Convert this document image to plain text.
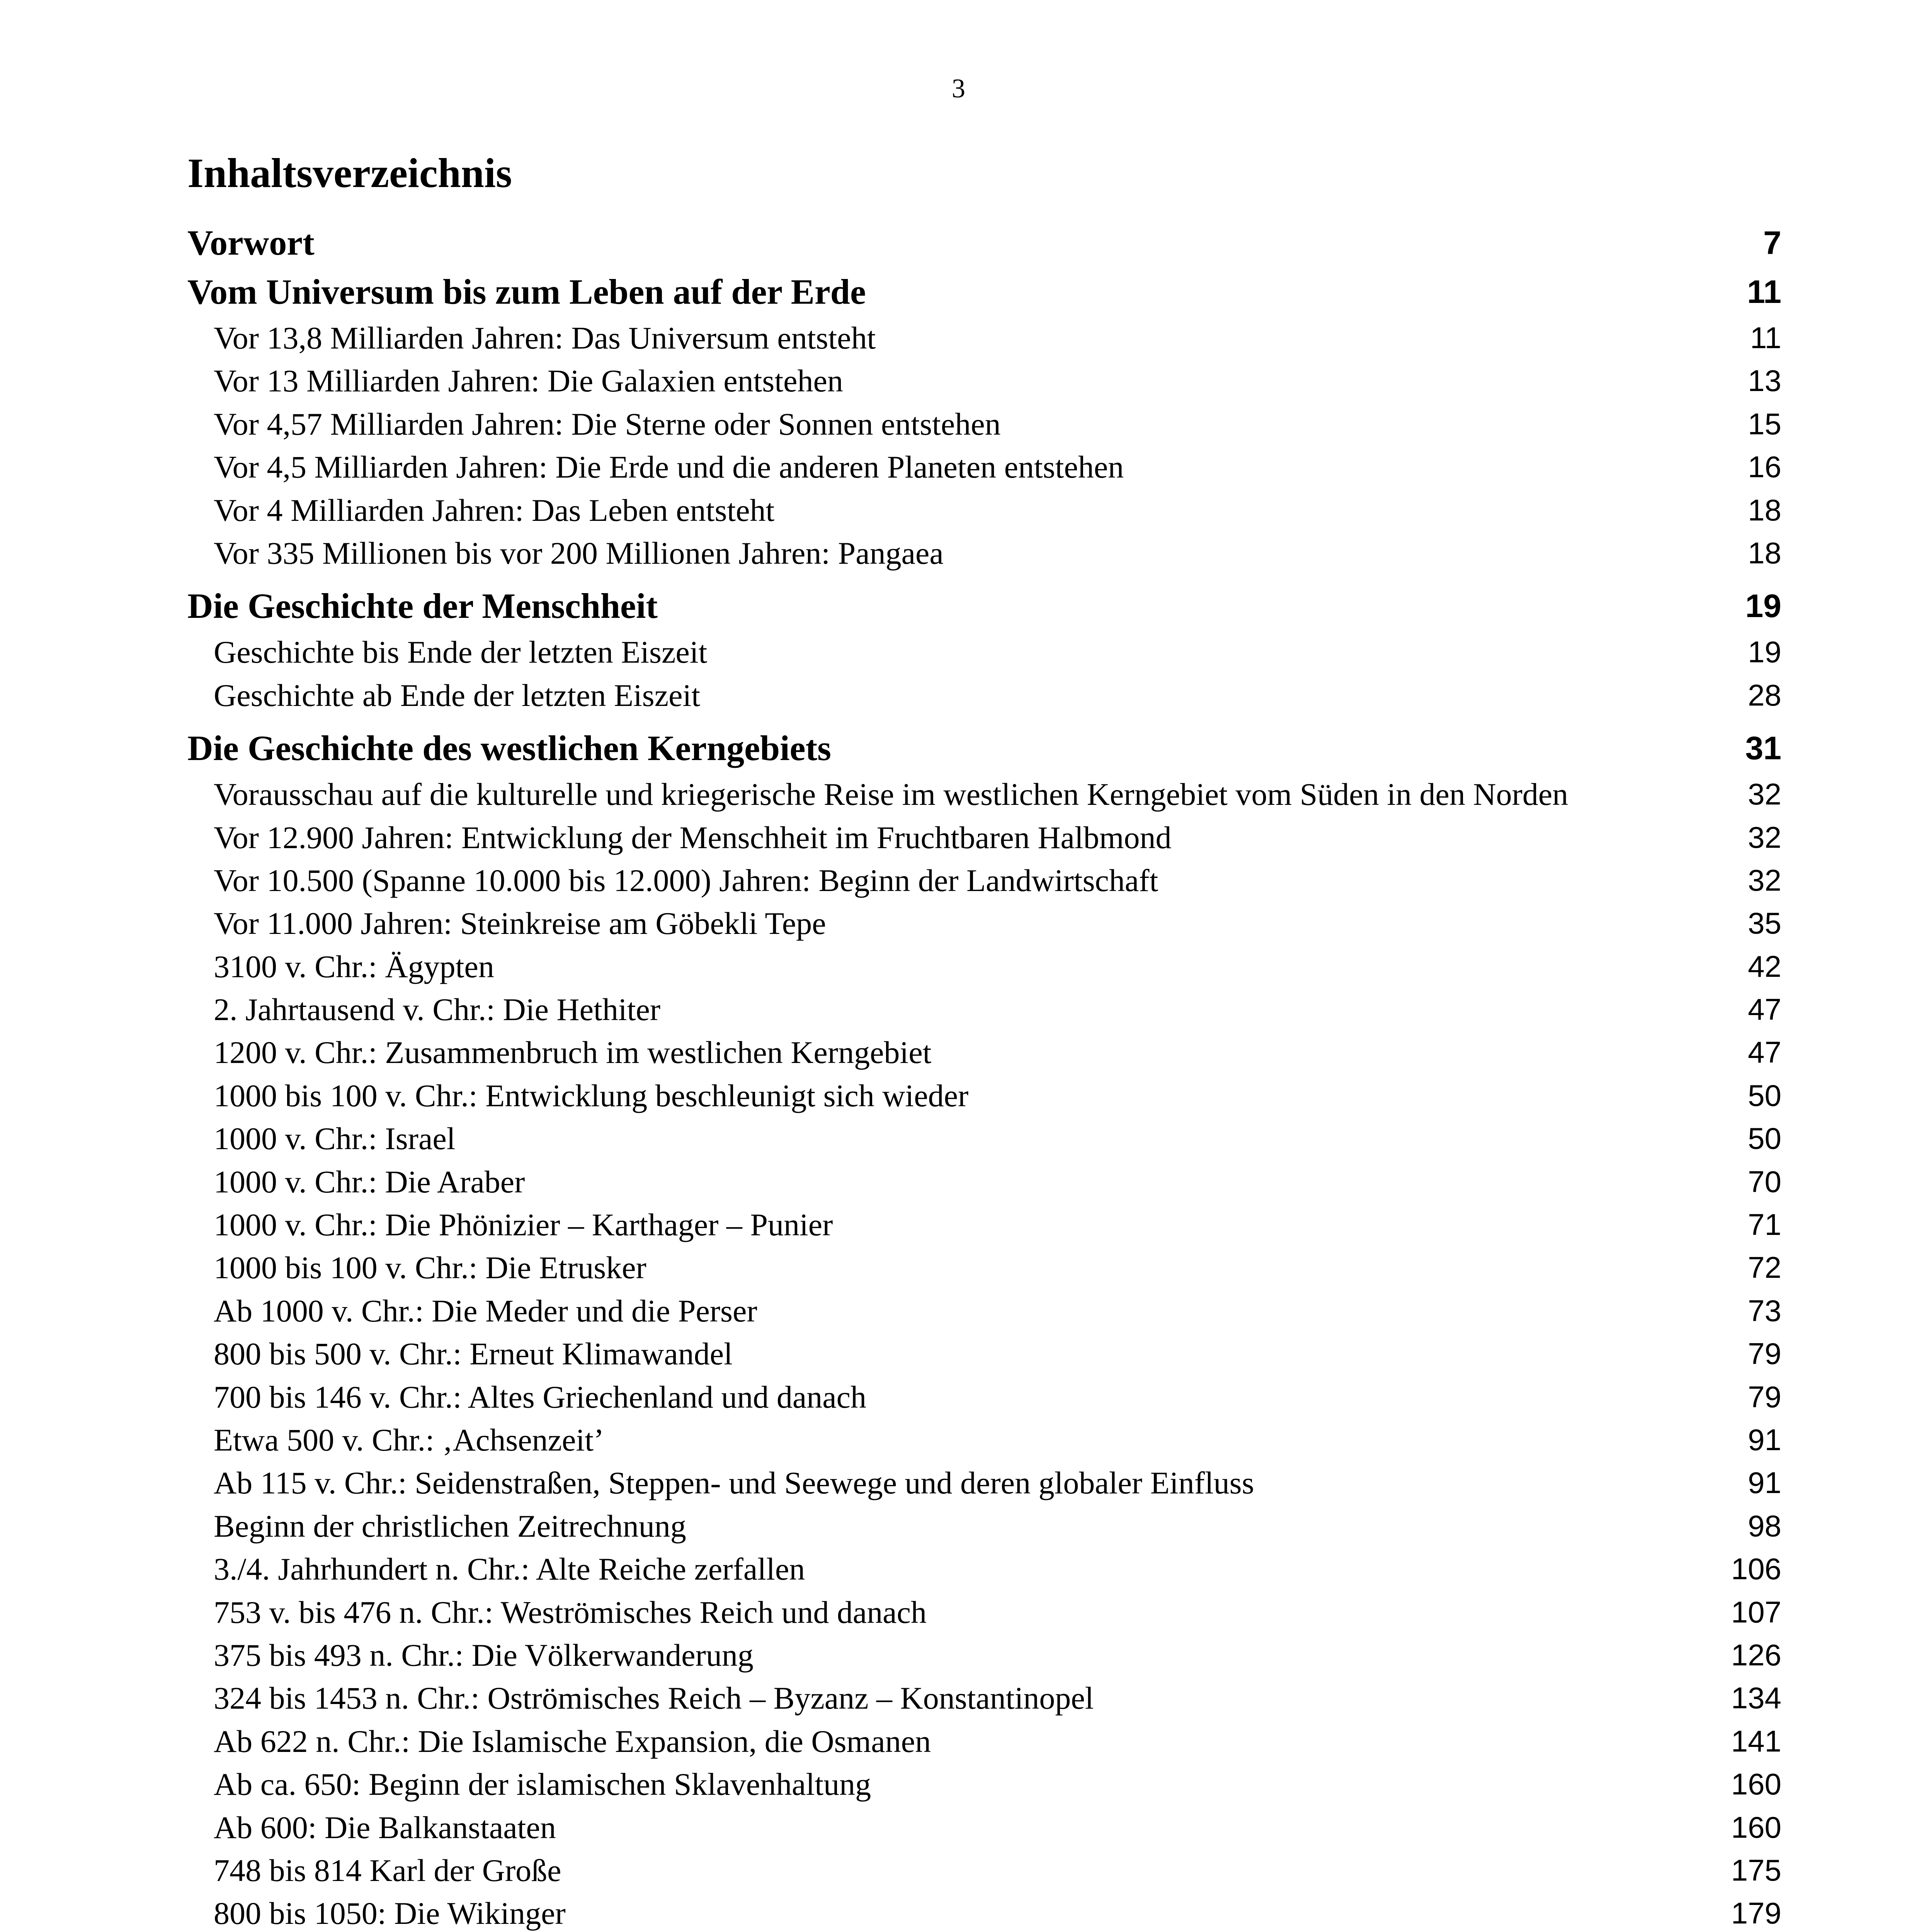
3
Inhaltsverzeichnis
Vorwort	7
Vom Universum bis zum Leben auf der Erde	11
Vor 13,8 Milliarden Jahren: Das Universum entsteht	11
Vor 13 Milliarden Jahren: Die Galaxien entstehen	13
Vor 4,57 Milliarden Jahren: Die Sterne oder Sonnen entstehen	15
Vor 4,5 Milliarden Jahren: Die Erde und die anderen Planeten entstehen	16
Vor 4 Milliarden Jahren: Das Leben entsteht	18
Vor 335 Millionen bis vor 200 Millionen Jahren: Pangaea	18
Die Geschichte der Menschheit	19
Geschichte bis Ende der letzten Eiszeit	19
Geschichte ab Ende der letzten Eiszeit	28
Die Geschichte des westlichen Kerngebiets	31
Vorausschau auf die kulturelle und kriegerische Reise im westlichen Kerngebiet vom Süden in den Norden	32
Vor 12.900 Jahren: Entwicklung der Menschheit im Fruchtbaren Halbmond	32
Vor 10.500 (Spanne 10.000 bis 12.000) Jahren: Beginn der Landwirtschaft	32
Vor 11.000 Jahren: Steinkreise am Göbekli Tepe	35
3100 v. Chr.: Ägypten	42
2. Jahrtausend v. Chr.: Die Hethiter	47
1200 v. Chr.: Zusammenbruch im westlichen Kerngebiet	47
1000 bis 100 v. Chr.: Entwicklung beschleunigt sich wieder	50
1000 v. Chr.: Israel	50
1000 v. Chr.: Die Araber	70
1000 v. Chr.: Die Phönizier – Karthager – Punier	71
1000 bis 100 v. Chr.: Die Etrusker	72
Ab 1000 v. Chr.: Die Meder und die Perser	73
800 bis 500 v. Chr.: Erneut Klimawandel	79
700 bis 146 v. Chr.: Altes Griechenland und danach	79
Etwa 500 v. Chr.: ‚Achsenzeit’	91
Ab 115 v. Chr.: Seidenstraßen, Steppen- und Seewege und deren globaler Einfluss	91
Beginn der christlichen Zeitrechnung	98
3./4. Jahrhundert n. Chr.: Alte Reiche zerfallen	106
753 v. bis 476 n. Chr.: Weströmisches Reich und danach	107
375 bis 493 n. Chr.: Die Völkerwanderung	126
324 bis 1453 n. Chr.: Oströmisches Reich – Byzanz – Konstantinopel	134
Ab 622 n. Chr.: Die Islamische Expansion, die Osmanen	141
Ab ca. 650: Beginn der islamischen Sklavenhaltung	160
Ab 600: Die Balkanstaaten	160
748 bis 814 Karl der Große	175
800 bis 1050: Die Wikinger	179
